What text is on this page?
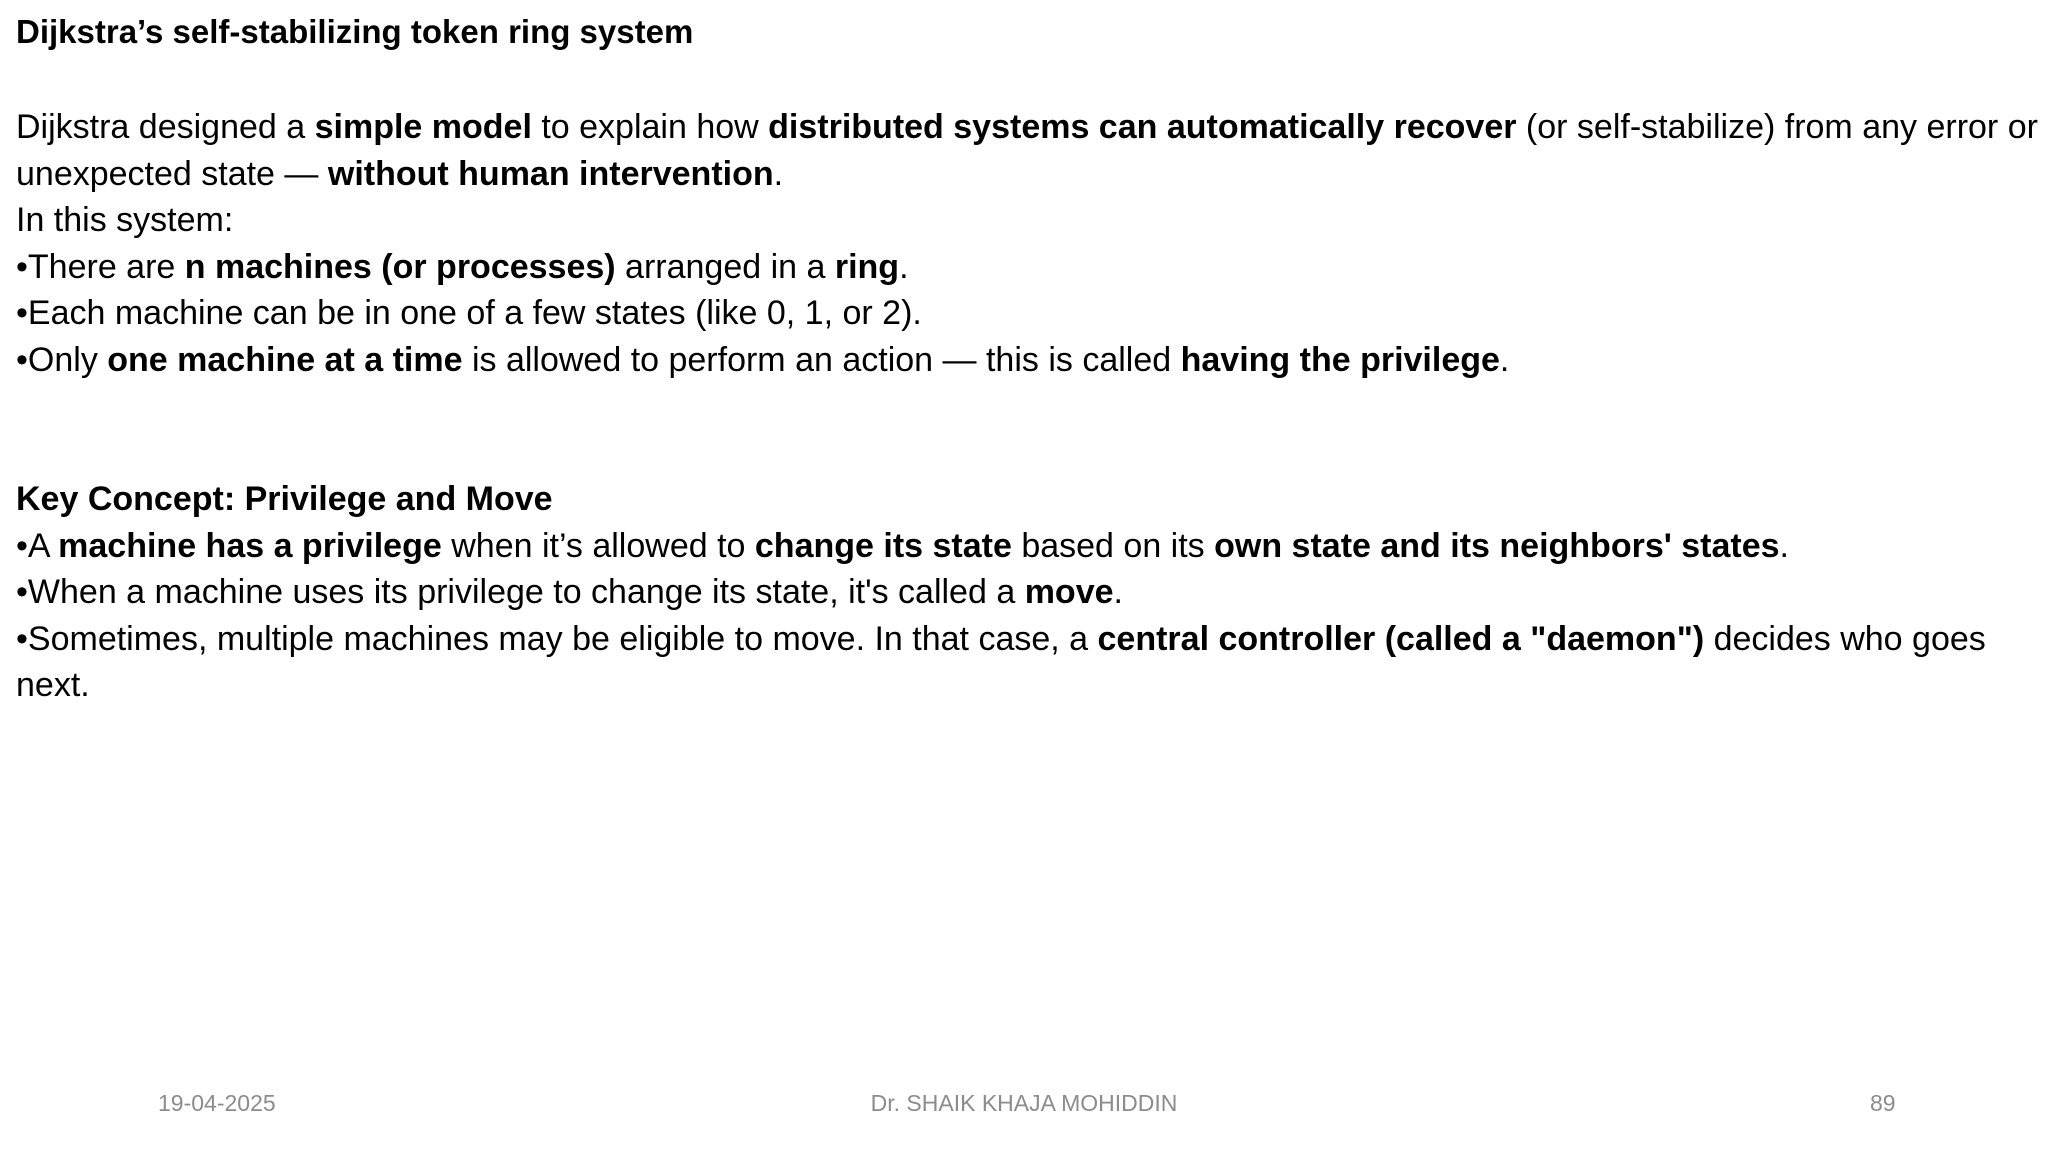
Dijkstra’s self-stabilizing token ring system

Dijkstra designed a simple model to explain how distributed systems can automatically recover (or self-stabilize) from any error or unexpected state — without human intervention.

In this system:

•There are n machines (or processes) arranged in a ring.

•Each machine can be in one of a few states (like 0, 1, or 2).

•Only one machine at a time is allowed to perform an action — this is called having the privilege.

Key Concept: Privilege and Move

•A machine has a privilege when it’s allowed to change its state based on its own state and its neighbors' states.

•When a machine uses its privilege to change its state, it's called a move.

•Sometimes, multiple machines may be eligible to move. In that case, a central controller (called a "daemon") decides who goes next.

19-04-2025	Dr. SHAIK KHAJA MOHIDDIN	89
